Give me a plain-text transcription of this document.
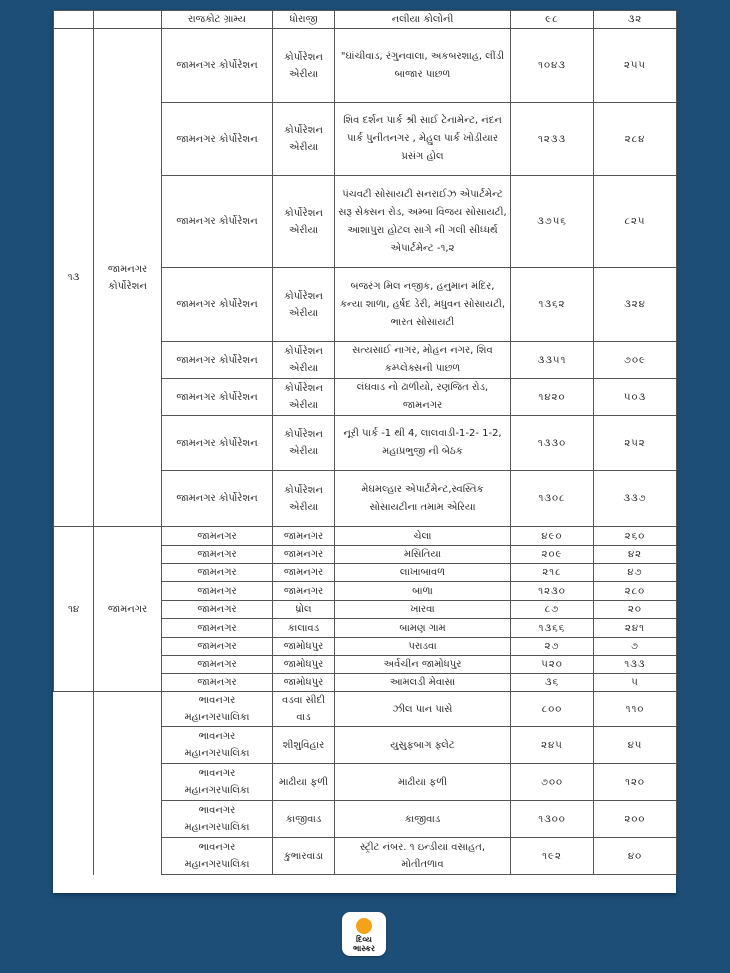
		રાજકોટ ગ્રામ્ય	ધોરાજી	નલીયા કોલોની	૯૮	૩૨
૧૩	જામનગર કોર્પોરેશન	જામનગર કોર્પોરેશન	કોર્પોરેશન એરીયા	"ઘાંચીવાડ, રંગુનવાલા, અકબરશાહ, લીંડી બાજાર પાછળ	૧૦૪૩	૨૫૫
		જામનગર કોર્પોરેશન	કોર્પોરેશન એરીયા	શિવ દર્શન પાર્ક શ્રી સાઈ ટેનામેન્ટ, નંદન પાર્ક પુનીતનગર , મેહુલ પાર્ક ખોડીયાર પ્રસંગ હોલ	૧૨૩૩	૨૮૪
		જામનગર કોર્પોરેશન	કોર્પોરેશન એરીયા	પંચવટી સોસાયટી સનરાઈઝ એપાર્ટમેન્ટ સરૂ સેક્સન રોડ, અમ્બા વિજય સોસાયટી, આશાપુરા હોટલ સાગે ની ગલી સીધ્ધર્થ એપાર્ટમેન્ટ -૧,૨	૩૭૫૬	૮૨૫
		જામનગર કોર્પોરેશન	કોર્પોરેશન એરીયા	બજરંગ મિલ નજીક, હનુમાન મંદિર, કન્યા શાળા, હર્ષદ ડેરી, મધુવન સોસાયટી, ભારત સોસાયટી	૧૩૬૨	૩૨૪
		જામનગર કોર્પોરેશન	કોર્પોરેશન એરીયા	સત્યસાઈ નાગર, મોહન નગર, શિવ કમ્પ્લેક્સની પાછળ	૩૩૫૧	૭૦૯
		જામનગર કોર્પોરેશન	કોર્પોરેશન એરીયા	લંઘવાડ નો ઢાળીયો, રણજિત રોડ, જામનગર	૧૪૨૦	૫૦૩
		જામનગર કોર્પોરેશન	કોર્પોરેશન એરીયા	નૂરી પાર્ક -1 થી 4, લાલવાડી-1-2- 1-2, મહાપ્રભુજી ની બેઠક	૧૩૩૦	૨૫૨
		જામનગર કોર્પોરેશન	કોર્પોરેશન એરીયા	મેઘમલ્હાર એપાર્ટમેન્ટ,સ્વસ્તિક સોસાયટીના તમામ એરિયા	૧૩૦૮	૩૩૭
૧૪	જામનગર	જામનગર	જામનગર	ચેલા	૪૯૦	૨૬૦
		જામનગર	જામનગર	મસિતિયા	૨૦૯	૪૨
		જામનગર	જામનગર	લાખાબાવળ	૨૧૮	૪૭
		જામનગર	જામનગર	બાળા	૧૨૩૦	૨૮૦
		જામનગર	ધ્રોલ	ખારવા	૮૭	૨૦
		જામનગર	કાલાવડ	બામણ ગામ	૧૩૬૬	૨૪૧
		જામનગર	જામોધપુર	પરાડવા	૨૭	૭
		જામનગર	જામોધપુર	અર્વચીન જામોધપુર	૫૨૦	૧૩૩
		જામનગર	જામોધપુર	આમલડી મેવાસા	૩૬	૫
		ભાવનગર મહાનગરપાલિકા	વડવા સીદી વાડ	ઝીલ પાન પાસે	૮૦૦	૧૧૦
		ભાવનગર મહાનગરપાલિકા	શીશુવિહાર	યુસુફબાગ ફ્લેટ	૨૪૫	૪૫
		ભાવનગર મહાનગરપાલિકા	માઢીયા ફળી	માઢીયા ફળી	૭૦૦	૧૨૦
		ભાવનગર મહાનગરપાલિકા	કાજીવાડ	કાજીવાડ	૧૩૦૦	૨૦૦
		ભાવનગર મહાનગરપાલિકા	કુભારવાડા	સ્ટ્રીટ નંબર. ૧ ઇન્ડીયા વસાહત, મોતીતળાવ	૧૯૨	૪૦
દિવ્ય
ભાસ્કર
